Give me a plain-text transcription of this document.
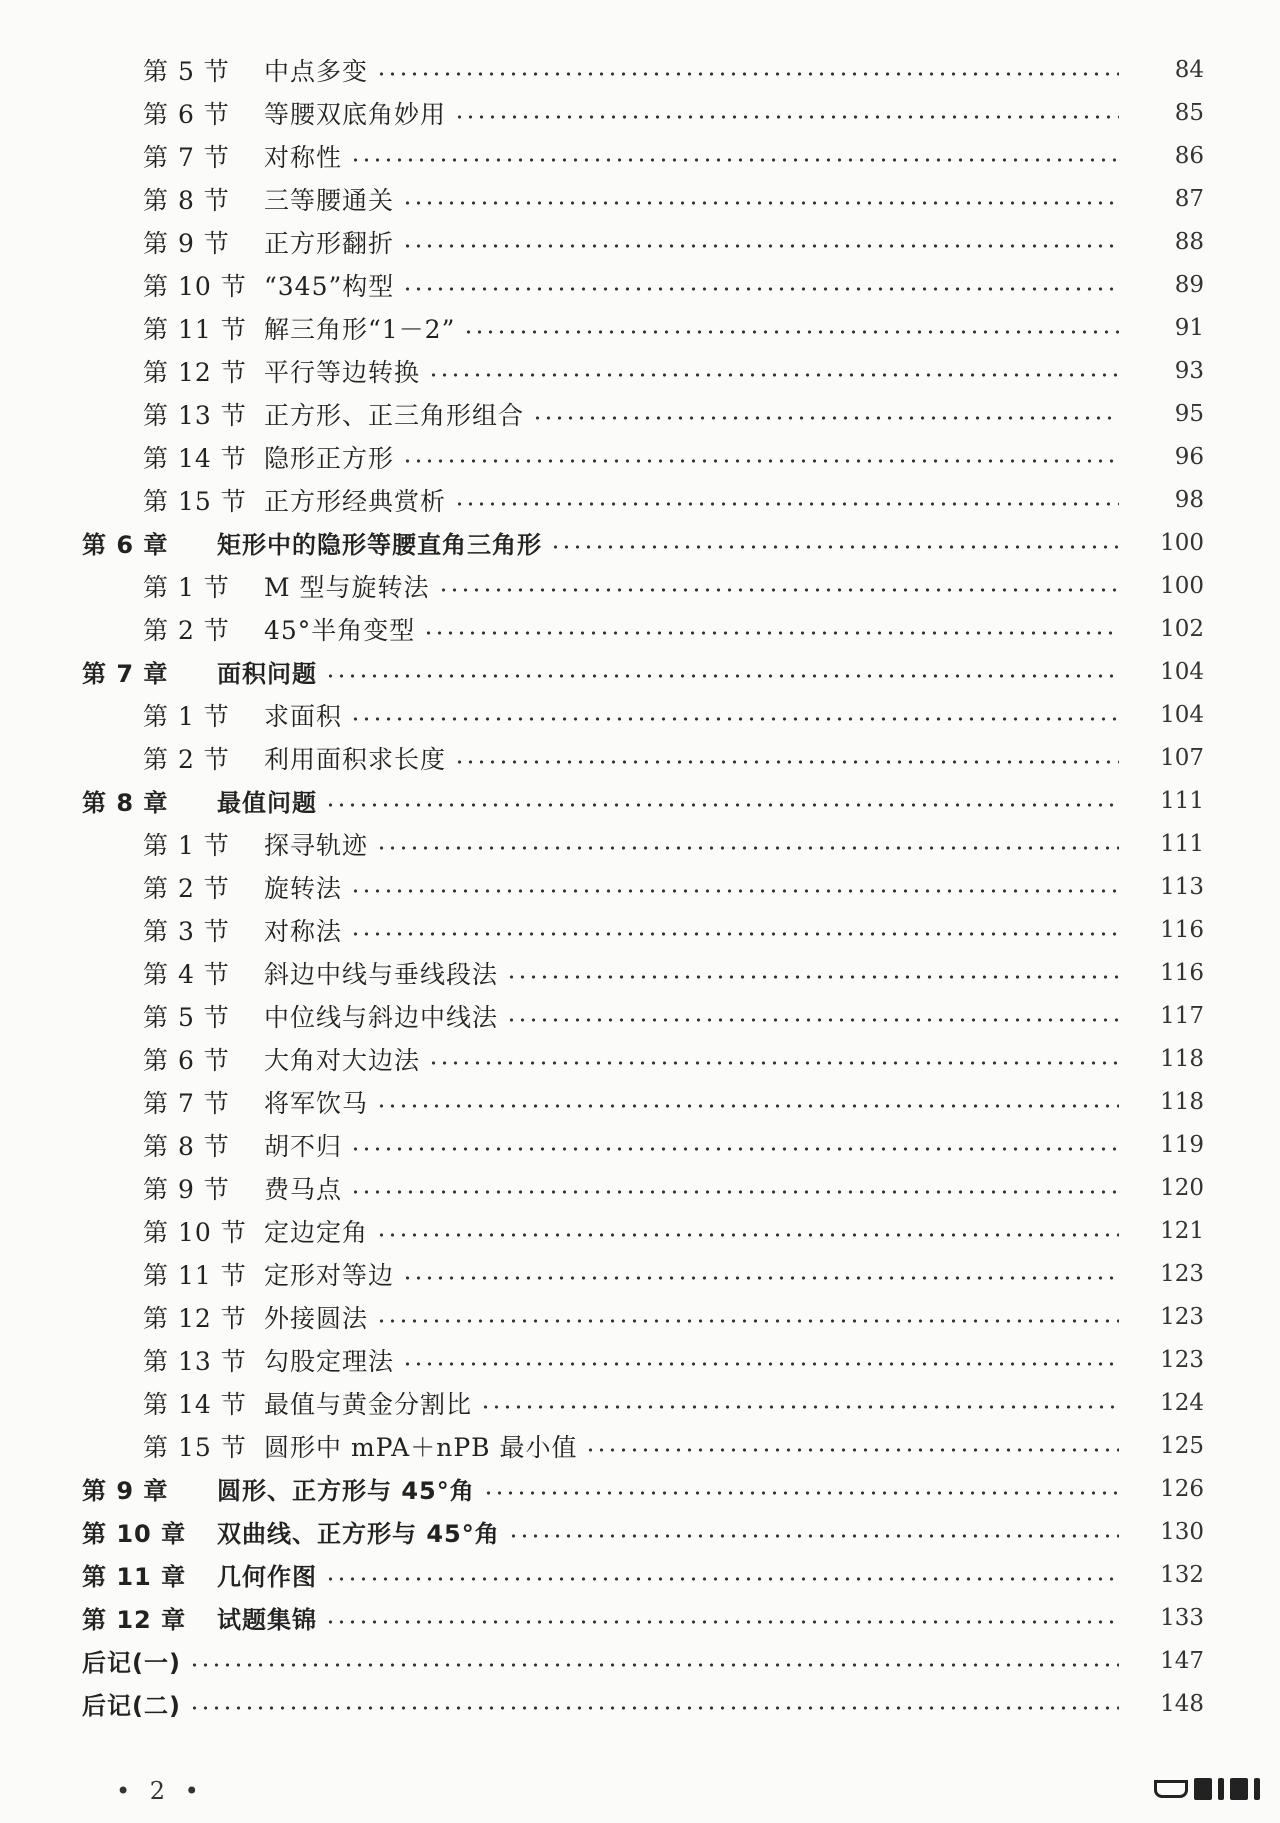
第 5 节	中点多变	84
第 6 节	等腰双底角妙用	85
第 7 节	对称性	86
第 8 节	三等腰通关	87
第 9 节	正方形翻折	88
第 10 节 “345”构型	89
第 11 节 解三角形“1－2”	91
第 12 节 平行等边转换	93
第 13 节 正方形、正三角形组合	95
第 14 节 隐形正方形	96
第 15 节 正方形经典赏析	98
第 6 章	矩形中的隐形等腰直角三角形	100
第 1 节	M 型与旋转法	100
第 2 节	45°半角变型	102
第 7 章	面积问题	104
第 1 节	求面积	104
第 2 节	利用面积求长度	107
第 8 章	最值问题	111
第 1 节	探寻轨迹	111
第 2 节	旋转法	113
第 3 节	对称法	116
第 4 节	斜边中线与垂线段法	116
第 5 节	中位线与斜边中线法	117
第 6 节	大角对大边法	118
第 7 节	将军饮马	118
第 8 节	胡不归	119
第 9 节	费马点	120
第 10 节 定边定角	121
第 11 节 定形对等边	123
第 12 节 外接圆法	123
第 13 节 勾股定理法	123
第 14 节 最值与黄金分割比	124
第 15 节 圆形中 mPA＋nPB 最小值	125
第 9 章	圆形、正方形与 45°角	126
第 10 章	双曲线、正方形与 45°角	130
第 11 章	几何作图	132
第 12 章	试题集锦	133
后记(一)	147
后记(二)	148
• 2 •
